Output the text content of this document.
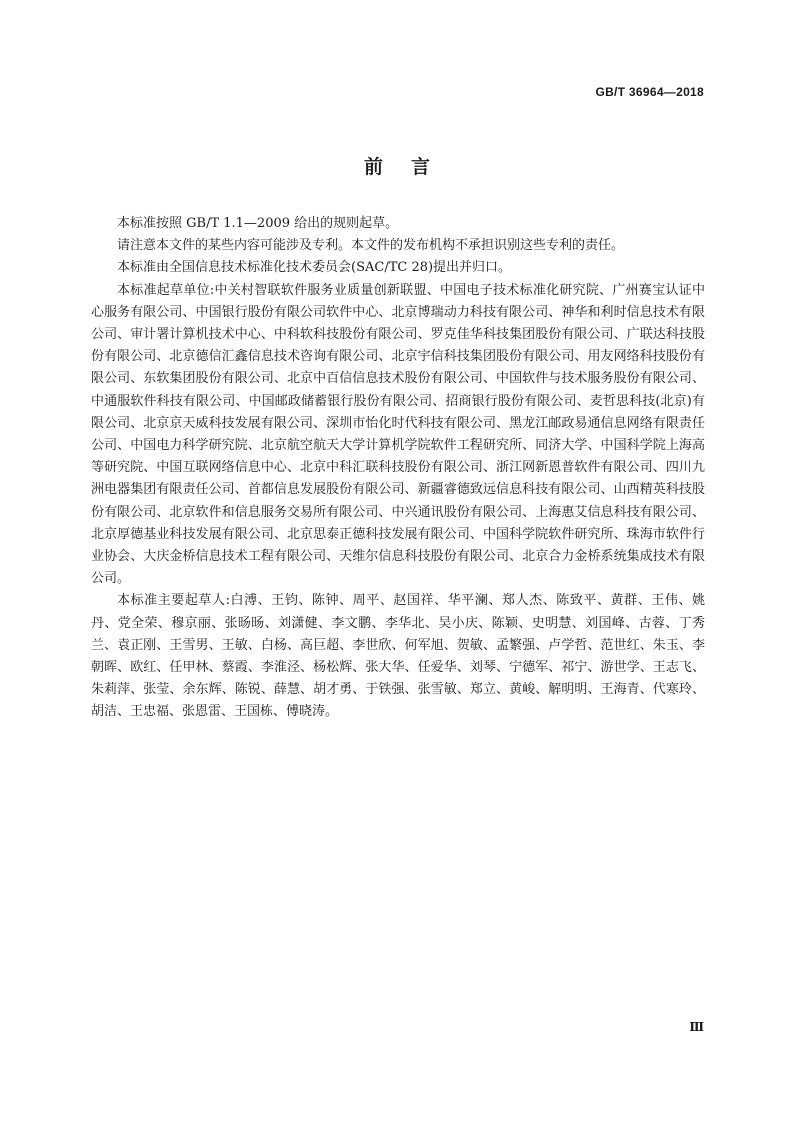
GB/T 36964—2018
前言

本标准按照 GB/T 1.1—2009 给出的规则起草。

请注意本文件的某些内容可能涉及专利。本文件的发布机构不承担识别这些专利的责任。

本标准由全国信息技术标准化技术委员会(SAC/TC 28)提出并归口。

本标准起草单位:中关村智联软件服务业质量创新联盟、中国电子技术标准化研究院、广州赛宝认证中心服务有限公司、中国银行股份有限公司软件中心、北京博瑞动力科技有限公司、神华和利时信息技术有限公司、审计署计算机技术中心、中科软科技股份有限公司、罗克佳华科技集团股份有限公司、广联达科技股份有限公司、北京德信汇鑫信息技术咨询有限公司、北京宇信科技集团股份有限公司、用友网络科技股份有限公司、东软集团股份有限公司、北京中百信信息技术股份有限公司、中国软件与技术服务股份有限公司、中通服软件科技有限公司、中国邮政储蓄银行股份有限公司、招商银行股份有限公司、麦哲思科技(北京)有限公司、北京京天威科技发展有限公司、深圳市怡化时代科技有限公司、黑龙江邮政易通信息网络有限责任公司、中国电力科学研究院、北京航空航天大学计算机学院软件工程研究所、同济大学、中国科学院上海高等研究院、中国互联网络信息中心、北京中科汇联科技股份有限公司、浙江网新恩普软件有限公司、四川九洲电器集团有限责任公司、首都信息发展股份有限公司、新疆睿德致远信息科技有限公司、山西精英科技股份有限公司、北京软件和信息服务交易所有限公司、中兴通讯股份有限公司、上海惠艾信息科技有限公司、北京厚德基业科技发展有限公司、北京思泰正德科技发展有限公司、中国科学院软件研究所、珠海市软件行业协会、大庆金桥信息技术工程有限公司、天维尔信息科技股份有限公司、北京合力金桥系统集成技术有限公司。

本标准主要起草人:白溥、王钧、陈钟、周平、赵国祥、华平澜、郑人杰、陈致平、黄群、王伟、姚丹、党全荣、穆京丽、张旸旸、刘潇健、李文鹏、李华北、吴小庆、陈颖、史明慧、刘国峰、古蓉、丁秀兰、袁正刚、王雪男、王敏、白杨、高巨超、李世欣、何军旭、贺敏、孟繁强、卢学哲、范世红、朱玉、李朝晖、欧红、任甲林、蔡霞、李淮泾、杨松辉、张大华、任爱华、刘琴、宁德军、祁宁、游世学、王志飞、朱莉萍、张莹、余东辉、陈锐、薛慧、胡才勇、于铁强、张雪敏、郑立、黄峻、解明明、王海青、代寒玲、胡洁、王忠福、张恩雷、王国栋、傅晓涛。

Ⅲ
